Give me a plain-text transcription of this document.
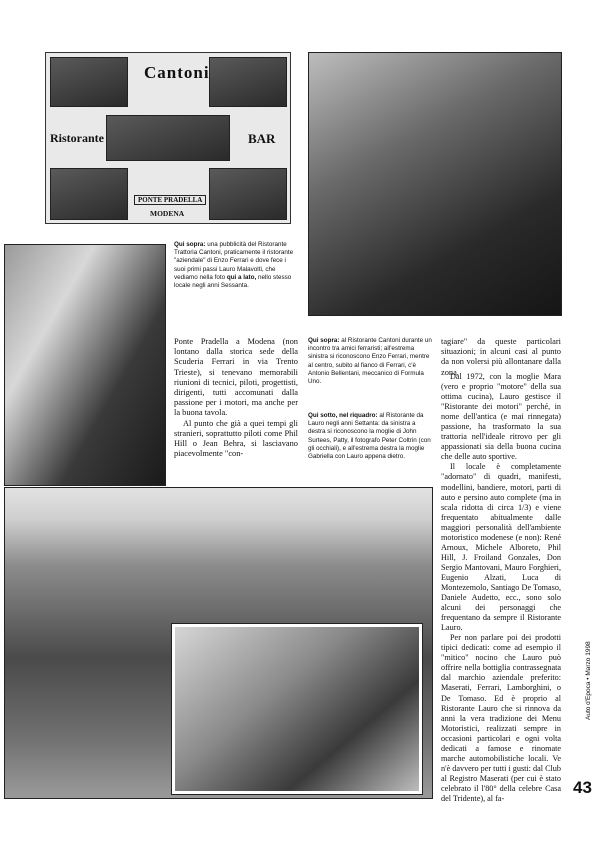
Cantoni
Ristorante	BAR
PONTE PRADELLA
MODENA
Qui sopra: una pubblicità del Ristorante Trattoria Cantoni, praticamente il ristorante "aziendale" di Enzo Ferrari e dove fece i suoi primi passi Lauro Malavolti, che vediamo nella foto qui a lato, nello stesso locale negli anni Sessanta.

Ponte Pradella a Modena (non lontano dalla storica sede della Scuderia Ferrari in via Trento Trieste), si tenevano memorabili riunioni di tecnici, piloti, progettisti, dirigenti, tutti accomunati dalla passione per i motori, ma anche per la buona tavola.

Al punto che già a quei tempi gli stranieri, soprattutto piloti come Phil Hill o Jean Behra, si lasciavano piacevolmente "con-

Qui sopra: al Ristorante Cantoni durante un incontro tra amici ferraristi; all'estrema sinistra si riconoscono Enzo Ferrari, mentre al centro, subito al fianco di Ferrari, c'è Antonio Bellentani, meccanico di Formula Uno.
Qui sotto, nel riquadro: al Ristorante da Lauro negli anni Settanta: da sinistra a destra si riconoscono la moglie di John Surtees, Patty, il fotografo Peter Coltrin (con gli occhiali), e all'estrema destra la moglie Gabriella con Lauro appena dietro.

tagiare" da queste particolari situazioni; in alcuni casi al punto da non volersi più allontanare dalla zona.

Dal 1972, con la moglie Mara (vero e proprio "motore" della sua ottima cucina), Lauro gestisce il "Ristorante dei motori" perché, in nome dell'antica (e mai rinnegata) passione, ha trasformato la sua trattoria nell'ideale ritrovo per gli appassionati sia della buona cucina che delle auto sportive.

Il locale è completamente "adornato" di quadri, manifesti, modellini, bandiere, motori, parti di auto e persino auto complete (ma in scala ridotta di circa 1/3) e viene frequentato abitualmente dalle maggiori personalità dell'ambiente motoristico modenese (e non): René Arnoux, Michele Alboreto, Phil Hill, J. Froiland Gonzales, Don Sergio Mantovani, Mauro Forghieri, Eugenio Alzati, Luca di Montezemolo, Santiago De Tomaso, Daniele Audetto, ecc., sono solo alcuni dei personaggi che frequentano da sempre il Ristorante Lauro.

Per non parlare poi dei prodotti tipici dedicati: come ad esempio il "mitico" nocino che Lauro può offrire nella bottiglia contrassegnata dal marchio aziendale preferito: Maserati, Ferrari, Lamborghini, o De Tomaso. Ed è proprio al Ristorante Lauro che si rinnova da anni la vera tradizione dei Menu Motoristici, realizzati sempre in occasioni particolari e ogni volta dedicati a famose e rinomate marche automobilistiche locali. Ve n'è davvero per tutti i gusti: dal Club al Registro Maserati (per cui è stato celebrato il l'80° della celebre Casa del Tridente), al fa-

Auto d'Epoca • Marzo 1998
43
